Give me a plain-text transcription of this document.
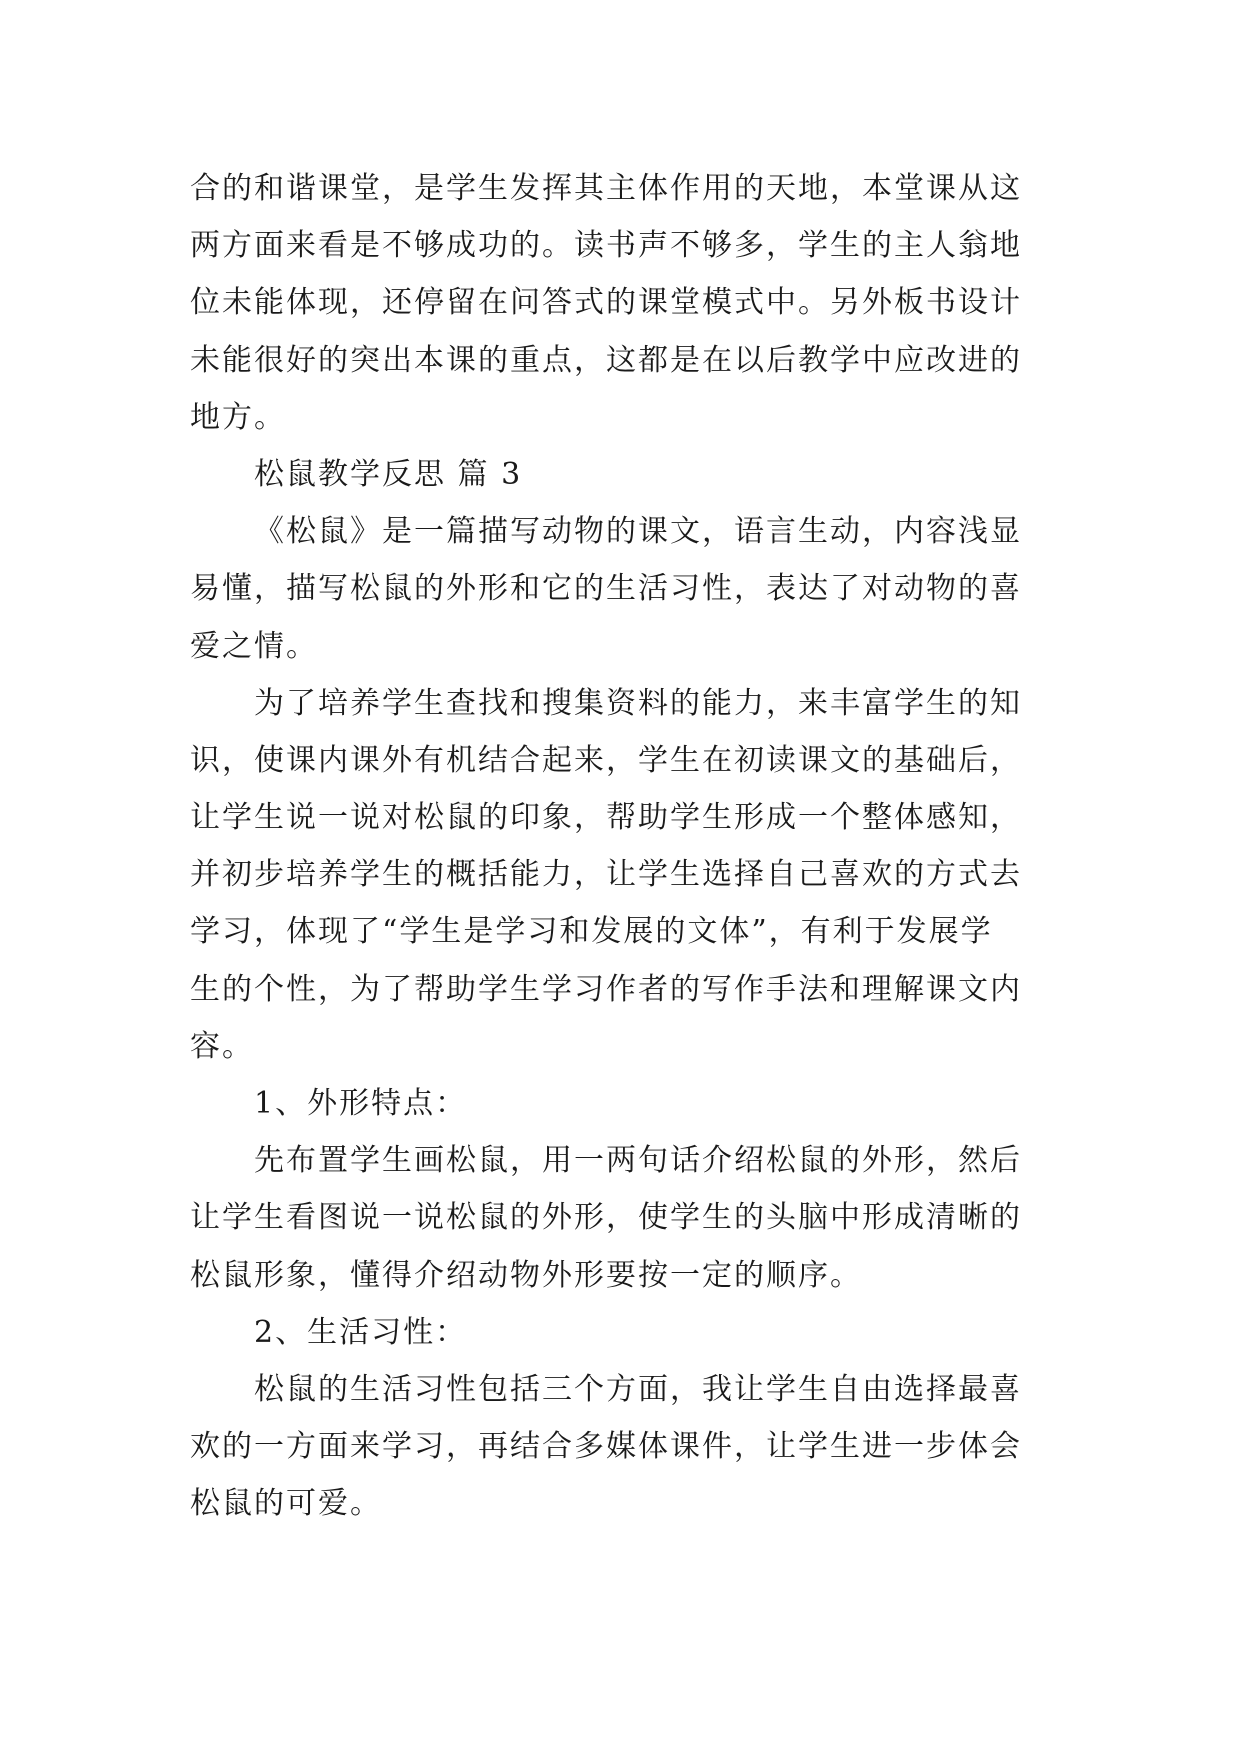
合的和谐课堂，是学生发挥其主体作用的天地，本堂课从这
两方面来看是不够成功的。读书声不够多，学生的主人翁地
位未能体现，还停留在问答式的课堂模式中。另外板书设计
未能很好的突出本课的重点，这都是在以后教学中应改进的
地方。
松鼠教学反思 篇 3
《松鼠》是一篇描写动物的课文，语言生动，内容浅显
易懂，描写松鼠的外形和它的生活习性，表达了对动物的喜
爱之情。
为了培养学生查找和搜集资料的能力，来丰富学生的知
识，使课内课外有机结合起来，学生在初读课文的基础后，
让学生说一说对松鼠的印象，帮助学生形成一个整体感知，
并初步培养学生的概括能力，让学生选择自己喜欢的方式去
学习，体现了“学生是学习和发展的文体”，有利于发展学
生的个性，为了帮助学生学习作者的写作手法和理解课文内
容。
1、外形特点：
先布置学生画松鼠，用一两句话介绍松鼠的外形，然后
让学生看图说一说松鼠的外形，使学生的头脑中形成清晰的
松鼠形象，懂得介绍动物外形要按一定的顺序。
2、生活习性：
松鼠的生活习性包括三个方面，我让学生自由选择最喜
欢的一方面来学习，再结合多媒体课件，让学生进一步体会
松鼠的可爱。
